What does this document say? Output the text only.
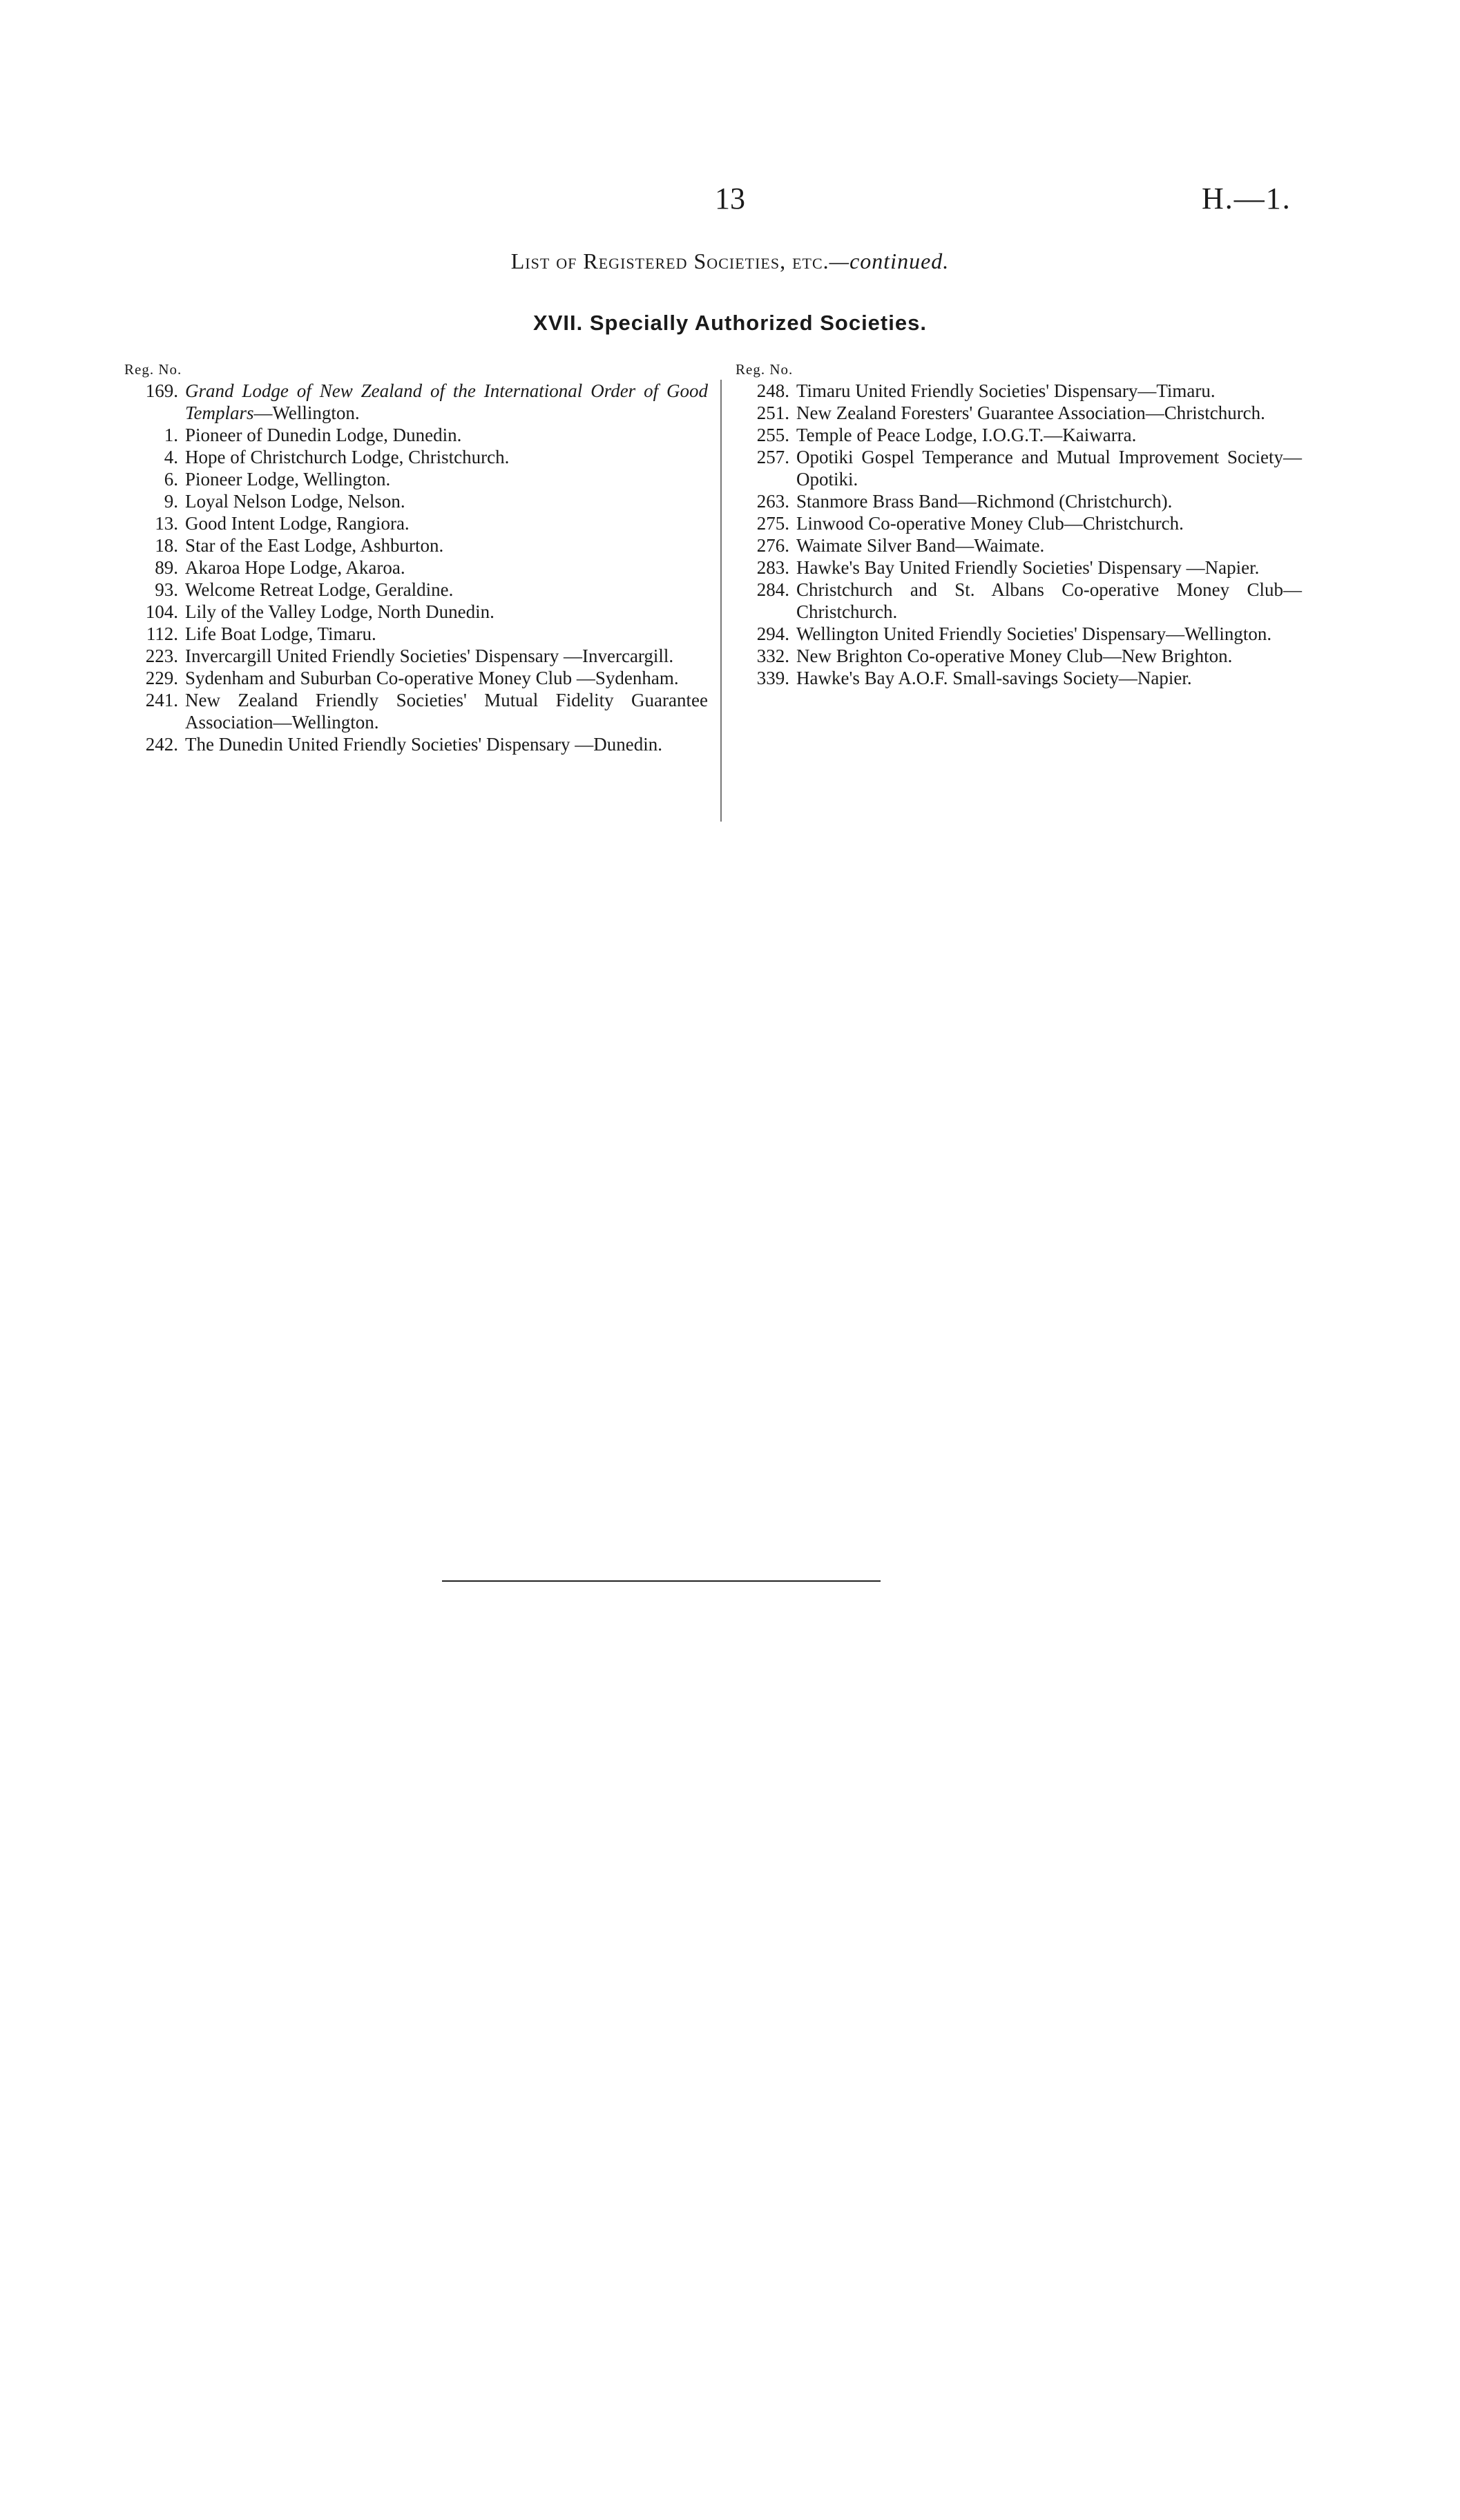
13	H.—1.
List of Registered Societies, etc.—continued.
XVII. Specially Authorized Societies.
Reg. No.
169. Grand Lodge of New Zealand of the International Order of Good Templars—Wellington.
1. Pioneer of Dunedin Lodge, Dunedin.
4. Hope of Christchurch Lodge, Christchurch.
6. Pioneer Lodge, Wellington.
9. Loyal Nelson Lodge, Nelson.
13. Good Intent Lodge, Rangiora.
18. Star of the East Lodge, Ashburton.
89. Akaroa Hope Lodge, Akaroa.
93. Welcome Retreat Lodge, Geraldine.
104. Lily of the Valley Lodge, North Dunedin.
112. Life Boat Lodge, Timaru.
223. Invercargill United Friendly Societies' Dispensary —Invercargill.
229. Sydenham and Suburban Co-operative Money Club —Sydenham.
241. New Zealand Friendly Societies' Mutual Fidelity Guarantee Association—Wellington.
242. The Dunedin United Friendly Societies' Dispensary —Dunedin.
Reg. No.
248. Timaru United Friendly Societies' Dispensary—Timaru.
251. New Zealand Foresters' Guarantee Association—Christchurch.
255. Temple of Peace Lodge, I.O.G.T.—Kaiwarra.
257. Opotiki Gospel Temperance and Mutual Improvement Society—Opotiki.
263. Stanmore Brass Band—Richmond (Christchurch).
275. Linwood Co-operative Money Club—Christchurch.
276. Waimate Silver Band—Waimate.
283. Hawke's Bay United Friendly Societies' Dispensary —Napier.
284. Christchurch and St. Albans Co-operative Money Club—Christchurch.
294. Wellington United Friendly Societies' Dispensary—Wellington.
332. New Brighton Co-operative Money Club—New Brighton.
339. Hawke's Bay A.O.F. Small-savings Society—Napier.
